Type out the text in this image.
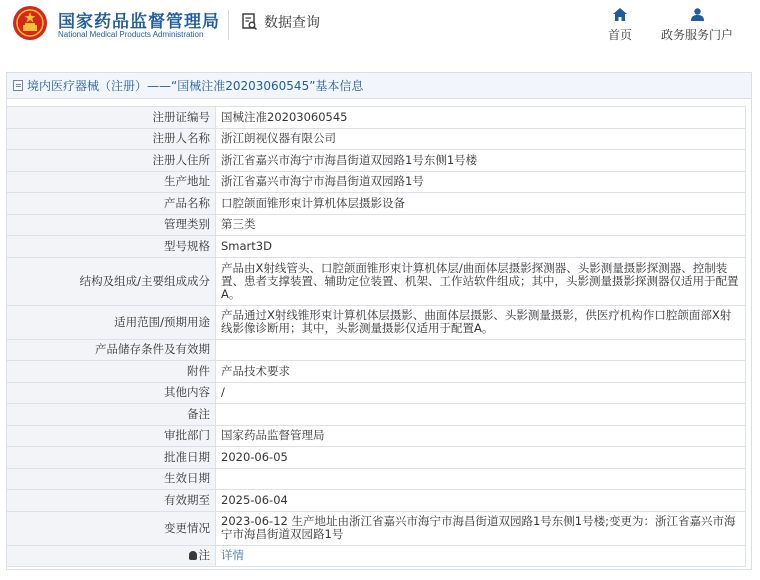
国家药品监督管理局
National Medical Products Administration
数据查询
首页	政务服务门户
境内医疗器械（注册）——“国械注准20203060545”基本信息
注册证编号	国械注准20203060545
注册人名称	浙江朗视仪器有限公司
注册人住所	浙江省嘉兴市海宁市海昌街道双园路1号东侧1号楼
生产地址	浙江省嘉兴市海宁市海昌街道双园路1号
产品名称	口腔颌面锥形束计算机体层摄影设备
管理类别	第三类
型号规格	Smart3D
结构及组成/主要组成成分	产品由X射线管头、口腔颌面锥形束计算机体层/曲面体层摄影探测器、头影测量摄影探测器、控制装置、患者支撑装置、辅助定位装置、机架、工作站软件组成；其中，头影测量摄影探测器仅适用于配置A。
适用范围/预期用途	产品通过X射线锥形束计算机体层摄影、曲面体层摄影、头影测量摄影，供医疗机构作口腔颌面部X射线影像诊断用；其中，头影测量摄影仅适用于配置A。
产品储存条件及有效期	
附件	产品技术要求
其他内容	/
备注	
审批部门	国家药品监督管理局
批准日期	2020-06-05
生效日期	
有效期至	2025-06-04
变更情况	2023-06-12 生产地址由浙江省嘉兴市海宁市海昌街道双园路1号东侧1号楼;变更为：浙江省嘉兴市海宁市海昌街道双园路1号
注	详情
